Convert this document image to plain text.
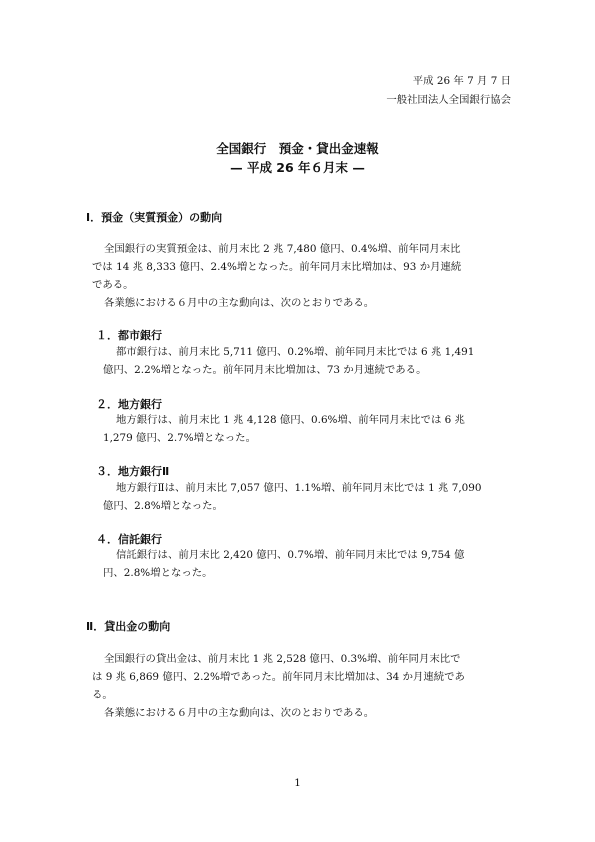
平成 26 年 7 月 7 日
一般社団法人全国銀行協会
全国銀行　預金・貸出金速報
— 平成 26 年６月末 —
Ⅰ．預金（実質預金）の動向
全国銀行の実質預金は、前月末比 2 兆 7,480 億円、0.4%増、前年同月末比
では 14 兆 8,333 億円、2.4%増となった。前年同月末比増加は、93 か月連続
である。
各業態における６月中の主な動向は、次のとおりである。
１．都市銀行
都市銀行は、前月末比 5,711 億円、0.2%増、前年同月末比では 6 兆 1,491
億円、2.2%増となった。前年同月末比増加は、73 か月連続である。
２．地方銀行
地方銀行は、前月末比 1 兆 4,128 億円、0.6%増、前年同月末比では 6 兆
1,279 億円、2.7%増となった。
３．地方銀行Ⅱ
地方銀行Ⅱは、前月末比 7,057 億円、1.1%増、前年同月末比では 1 兆 7,090
億円、2.8%増となった。
４．信託銀行
信託銀行は、前月末比 2,420 億円、0.7%増、前年同月末比では 9,754 億
円、2.8%増となった。
Ⅱ．貸出金の動向
全国銀行の貸出金は、前月末比 1 兆 2,528 億円、0.3%増、前年同月末比で
は 9 兆 6,869 億円、2.2%増であった。前年同月末比増加は、34 か月連続であ
る。
各業態における６月中の主な動向は、次のとおりである。
1
